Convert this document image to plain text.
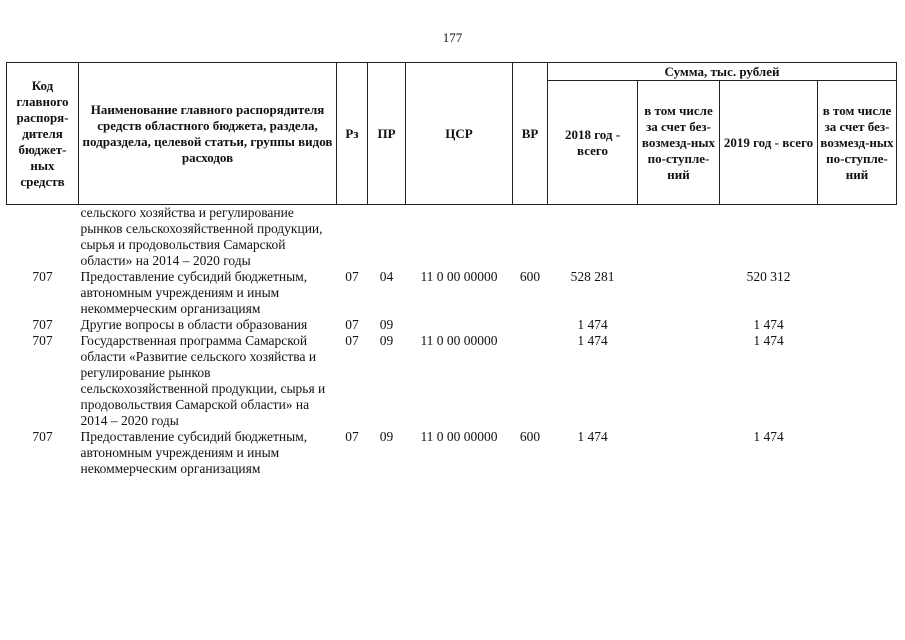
177
Код главного распоря-дителя бюджет-ных средств	Наименование главного распорядителя средств областного бюджета, раздела, подраздела, целевой статьи, группы видов расходов	Рз	ПР	ЦСР	ВР	Сумма, тыс. рублей			
						2018 год - всего	в том числе за счет без-возмезд-ных по-ступле-ний	2019 год - всего	в том числе за счет без-возмезд-ных по-ступле-ний
	сельского хозяйства и регулирование рынков сельскохозяйственной продукции, сырья и продовольствия Самарской области» на 2014 – 2020 годы								
707	Предоставление субсидий бюджетным, автономным учреждениям и иным некоммерческим организациям	07	04	11 0 00 00000	600	528 281		520 312	
707	Другие вопросы в области образования	07	09			1 474		1 474	
707	Государственная программа Самарской области «Развитие сельского хозяйства и регулирование рынков сельскохозяйственной продукции, сырья и продовольствия Самарской области» на 2014 – 2020 годы	07	09	11 0 00 00000		1 474		1 474	
707	Предоставление субсидий бюджетным, автономным учреждениям и иным некоммерческим организациям	07	09	11 0 00 00000	600	1 474		1 474	
